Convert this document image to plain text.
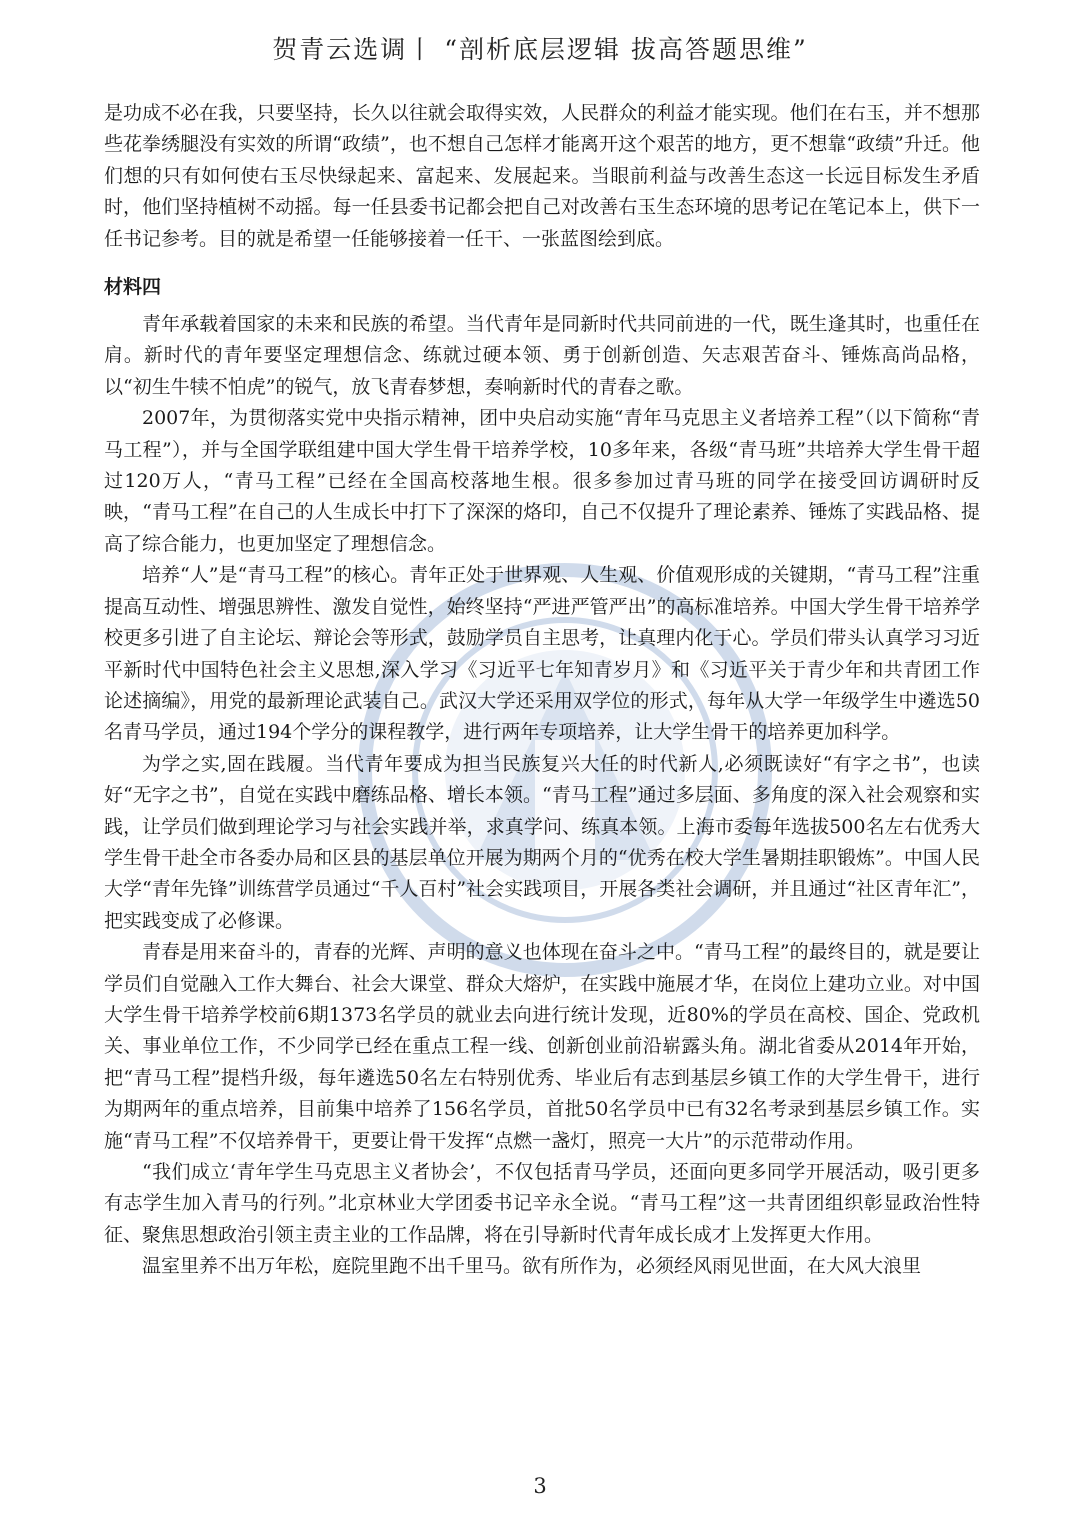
贺青云选调丨 “剖析底层逻辑 拔高答题思维”

是功成不必在我，只要坚持，长久以往就会取得实效，人民群众的利益才能实现。他们在右玉，并不想那些花拳绣腿没有实效的所谓“政绩”，也不想自己怎样才能离开这个艰苦的地方，更不想靠“政绩”升迁。他们想的只有如何使右玉尽快绿起来、富起来、发展起来。当眼前利益与改善生态这一长远目标发生矛盾时，他们坚持植树不动摇。每一任县委书记都会把自己对改善右玉生态环境的思考记在笔记本上，供下一任书记参考。目的就是希望一任能够接着一任干、一张蓝图绘到底。

材料四

青年承载着国家的未来和民族的希望。当代青年是同新时代共同前进的一代，既生逢其时，也重任在肩。新时代的青年要坚定理想信念、练就过硬本领、勇于创新创造、矢志艰苦奋斗、锤炼高尚品格，以“初生牛犊不怕虎”的锐气，放飞青春梦想，奏响新时代的青春之歌。

2007年，为贯彻落实党中央指示精神，团中央启动实施“青年马克思主义者培养工程”（以下简称“青马工程”），并与全国学联组建中国大学生骨干培养学校，10多年来，各级“青马班”共培养大学生骨干超过120万人，“青马工程”已经在全国高校落地生根。很多参加过青马班的同学在接受回访调研时反映，“青马工程”在自己的人生成长中打下了深深的烙印，自己不仅提升了理论素养、锤炼了实践品格、提高了综合能力，也更加坚定了理想信念。

培养“人”是“青马工程”的核心。青年正处于世界观、人生观、价值观形成的关键期，“青马工程”注重提高互动性、增强思辨性、激发自觉性，始终坚持“严进严管严出”的高标准培养。中国大学生骨干培养学校更多引进了自主论坛、辩论会等形式，鼓励学员自主思考，让真理内化于心。学员们带头认真学习习近平新时代中国特色社会主义思想,深入学习《习近平七年知青岁月》和《习近平关于青少年和共青团工作论述摘编》，用党的最新理论武装自己。武汉大学还采用双学位的形式，每年从大学一年级学生中遴选50名青马学员，通过194个学分的课程教学，进行两年专项培养，让大学生骨干的培养更加科学。

为学之实,固在践履。当代青年要成为担当民族复兴大任的时代新人,必须既读好“有字之书”，也读好“无字之书”，自觉在实践中磨练品格、增长本领。“青马工程”通过多层面、多角度的深入社会观察和实践，让学员们做到理论学习与社会实践并举，求真学问、练真本领。上海市委每年选拔500名左右优秀大学生骨干赴全市各委办局和区县的基层单位开展为期两个月的“优秀在校大学生暑期挂职锻炼”。中国人民大学“青年先锋”训练营学员通过“千人百村”社会实践项目，开展各类社会调研，并且通过“社区青年汇”，把实践变成了必修课。

青春是用来奋斗的，青春的光辉、声明的意义也体现在奋斗之中。“青马工程”的最终目的，就是要让学员们自觉融入工作大舞台、社会大课堂、群众大熔炉，在实践中施展才华，在岗位上建功立业。对中国大学生骨干培养学校前6期1373名学员的就业去向进行统计发现，近80%的学员在高校、国企、党政机关、事业单位工作，不少同学已经在重点工程一线、创新创业前沿崭露头角。湖北省委从2014年开始，把“青马工程”提档升级，每年遴选50名左右特别优秀、毕业后有志到基层乡镇工作的大学生骨干，进行为期两年的重点培养，目前集中培养了156名学员，首批50名学员中已有32名考录到基层乡镇工作。实施“青马工程”不仅培养骨干，更要让骨干发挥“点燃一盏灯，照亮一大片”的示范带动作用。

“我们成立‘青年学生马克思主义者协会’，不仅包括青马学员，还面向更多同学开展活动，吸引更多有志学生加入青马的行列。”北京林业大学团委书记辛永全说。“青马工程”这一共青团组织彰显政治性特征、聚焦思想政治引领主责主业的工作品牌，将在引导新时代青年成长成才上发挥更大作用。

温室里养不出万年松，庭院里跑不出千里马。欲有所作为，必须经风雨见世面，在大风大浪里

3
